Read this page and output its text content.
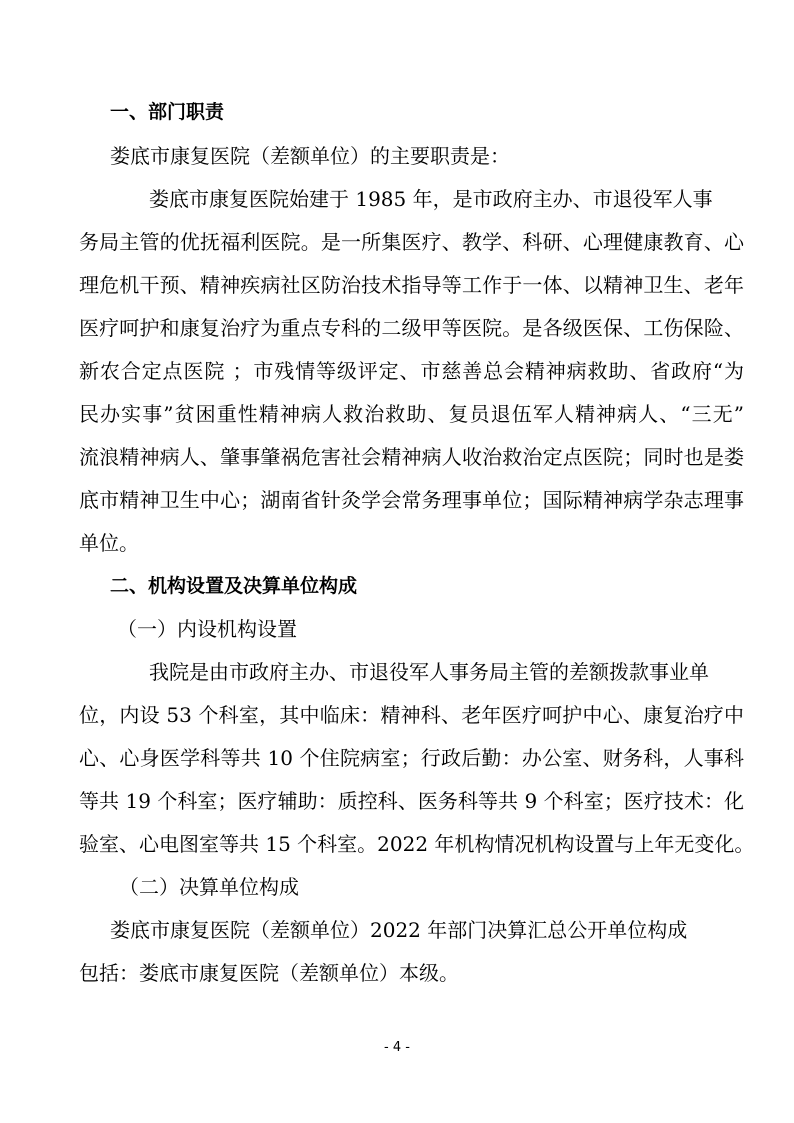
一、部门职责
娄底市康复医院（差额单位）的主要职责是：
娄底市康复医院始建于 1985 年，是市政府主办、市退役军人事
务局主管的优抚福利医院。是一所集医疗、教学、科研、心理健康教育、心
理危机干预、精神疾病社区防治技术指导等工作于一体、以精神卫生、老年
医疗呵护和康复治疗为重点专科的二级甲等医院。是各级医保、工伤保险、
新农合定点医院 ；市残情等级评定、市慈善总会精神病救助、省政府“为
民办实事”贫困重性精神病人救治救助、复员退伍军人精神病人、“三无”
流浪精神病人、肇事肇祸危害社会精神病人收治救治定点医院；同时也是娄
底市精神卫生中心；湖南省针灸学会常务理事单位；国际精神病学杂志理事
单位。
二、机构设置及决算单位构成
（一）内设机构设置
我院是由市政府主办、市退役军人事务局主管的差额拨款事业单
位，内设 53 个科室，其中临床：精神科、老年医疗呵护中心、康复治疗中
心、心身医学科等共 10 个住院病室；行政后勤：办公室、财务科，人事科
等共 19 个科室；医疗辅助：质控科、医务科等共 9 个科室；医疗技术：化
验室、心电图室等共 15 个科室。2022 年机构情况机构设置与上年无变化。
（二）决算单位构成
娄底市康复医院（差额单位）2022 年部门决算汇总公开单位构成
包括：娄底市康复医院（差额单位）本级。
- 4 -
